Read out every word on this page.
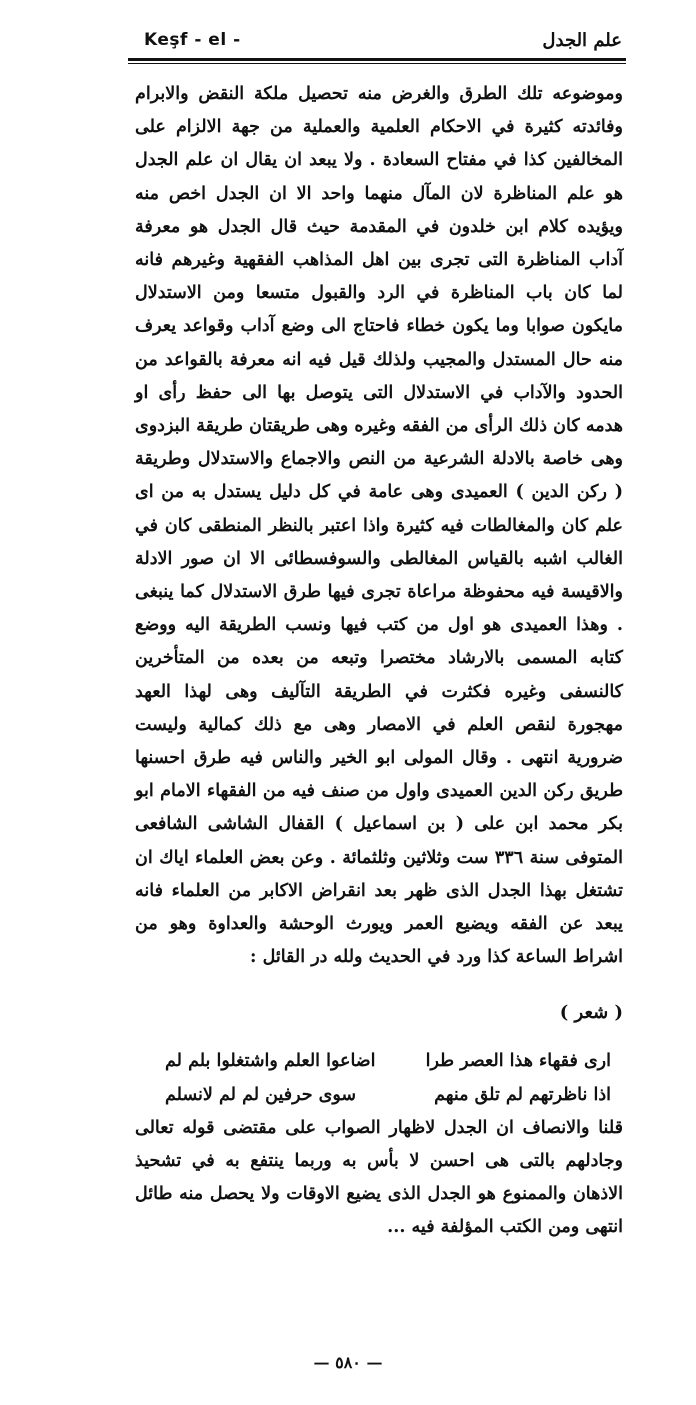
Keşf - el -	علم الجدل

وموضوعه تلك الطرق والغرض منه تحصيل ملكة النقض والابرام وفائدته كثيرة في الاحكام العلمية والعملية من جهة الالزام على المخالفين كذا في مفتاح السعادة . ولا يبعد ان يقال ان علم الجدل هو علم المناظرة لان المآل منهما واحد الا ان الجدل اخص منه ويؤيده كلام ابن خلدون في المقدمة حيث قال الجدل هو معرفة آداب المناظرة التى تجرى بين اهل المذاهب الفقهية وغيرهم فانه لما كان باب المناظرة في الرد والقبول متسعا ومن الاستدلال مايكون صوابا وما يكون خطاء فاحتاج الى وضع آداب وقواعد يعرف منه حال المستدل والمجيب ولذلك قيل فيه انه معرفة بالقواعد من الحدود والآداب في الاستدلال التى يتوصل بها الى حفظ رأى او هدمه كان ذلك الرأى من الفقه وغيره وهى طريقتان طريقة البزدوى وهى خاصة بالادلة الشرعية من النص والاجماع والاستدلال وطريقة ( ركن الدين ) العميدى وهى عامة في كل دليل يستدل به من اى علم كان والمغالطات فيه كثيرة واذا اعتبر بالنظر المنطقى كان في الغالب اشبه بالقياس المغالطى والسوفسطائى الا ان صور الادلة والاقيسة فيه محفوظة مراعاة تجرى فيها طرق الاستدلال كما ينبغى . وهذا العميدى هو اول من كتب فيها ونسب الطريقة اليه ووضع كتابه المسمى بالارشاد مختصرا وتبعه من بعده من المتأخرين كالنسفى وغيره فكثرت في الطريقة التآليف وهى لهذا العهد مهجورة لنقص العلم في الامصار وهى مع ذلك كمالية وليست ضرورية انتهى . وقال المولى ابو الخير والناس فيه طرق احسنها طريق ركن الدين العميدى واول من صنف فيه من الفقهاء الامام ابو بكر محمد ابن على ( بن اسماعيل ) القفال الشاشى الشافعى المتوفى سنة ٣٣٦ ست وثلاثين وثلثمائة . وعن بعض العلماء اياك ان تشتغل بهذا الجدل الذى ظهر بعد انقراض الاكابر من العلماء فانه يبعد عن الفقه ويضيع العمر ويورث الوحشة والعداوة وهو من اشراط الساعة كذا ورد في الحديث ولله در القائل :

( شعر )
ارى فقهاء هذا العصر طرا
اضاعوا العلم واشتغلوا بلم لم
اذا ناظرتهم لم تلق منهم
سوى حرفين لم لم لانسلم

قلنا والانصاف ان الجدل لاظهار الصواب على مقتضى قوله تعالى وجادلهم بالتى هى احسن لا بأس به وربما ينتفع به في تشحيذ الاذهان والممنوع هو الجدل الذى يضيع الاوقات ولا يحصل منه طائل انتهى ومن الكتب المؤلفة فيه ...

— ٥٨٠ —
